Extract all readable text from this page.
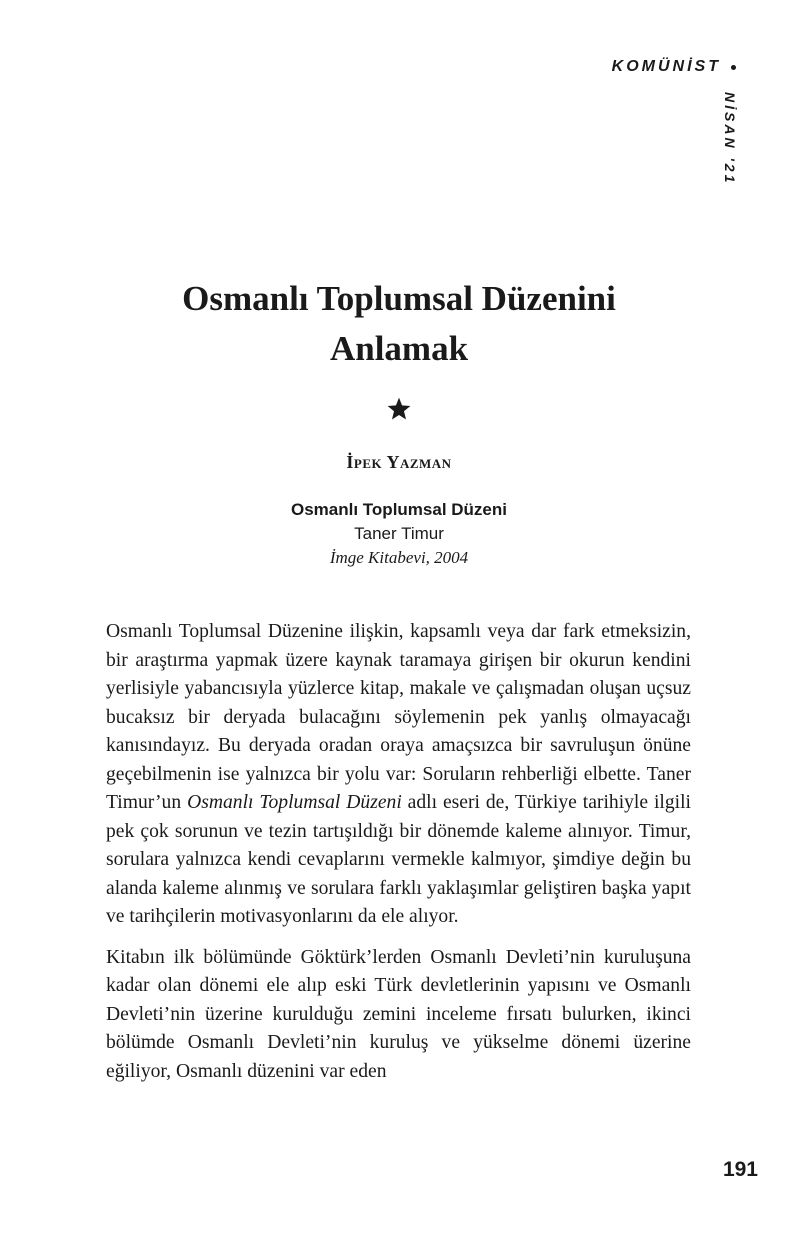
KOMÜNİST
NİSAN '21
Osmanlı Toplumsal Düzenini
Anlamak
İpek Yazman
Osmanlı Toplumsal Düzeni
Taner Timur
İmge Kitabevi, 2004

Osmanlı Toplumsal Düzenine ilişkin, kapsamlı veya dar fark etmeksizin, bir araştırma yapmak üzere kaynak taramaya girişen bir okurun kendini yerlisiyle yabancısıyla yüzlerce kitap, makale ve çalışmadan oluşan uçsuz bucaksız bir deryada bulacağını söylemenin pek yanlış olmayacağı kanısındayız. Bu deryada oradan oraya amaçsızca bir savruluşun önüne geçebilmenin ise yalnızca bir yolu var: Soruların rehberliği elbette. Taner Timur’un Osmanlı Toplumsal Düzeni adlı eseri de, Türkiye tarihiyle ilgili pek çok sorunun ve tezin tartışıldığı bir dönemde kaleme alınıyor. Timur, sorulara yalnızca kendi cevaplarını vermekle kalmıyor, şimdiye değin bu alanda kaleme alınmış ve sorulara farklı yaklaşımlar geliştiren başka yapıt ve tarihçilerin motivasyonlarını da ele alıyor.

Kitabın ilk bölümünde Göktürk’lerden Osmanlı Devleti’nin kuruluşuna kadar olan dönemi ele alıp eski Türk devletlerinin yapısını ve Osmanlı Devleti’nin üzerine kurulduğu zemini inceleme fırsatı bulurken, ikinci bölümde Osmanlı Devleti’nin kuruluş ve yükselme dönemi üzerine eğiliyor, Osmanlı düzenini var eden

191
